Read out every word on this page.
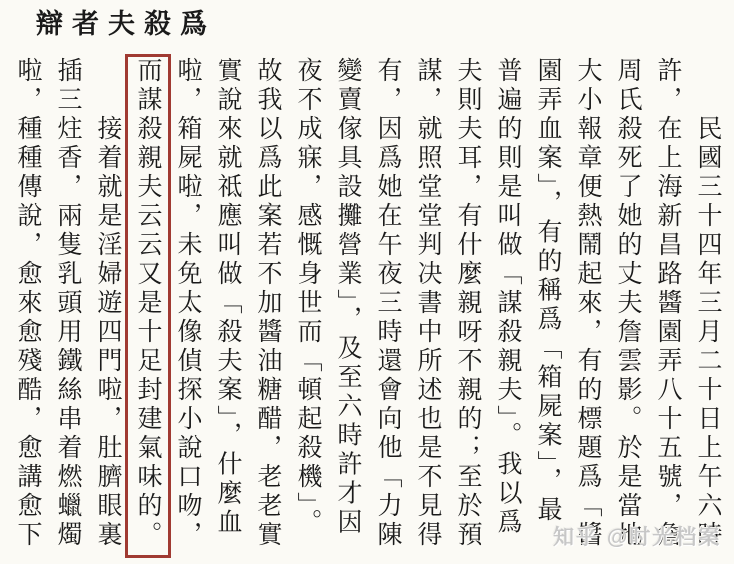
辯者夫殺爲
民國三十四年三月二十日上午六時
許，在上海新昌路醬園弄八十五號，詹
周氏殺死了她的丈夫詹雲影。於是當地
大小報章便熱鬧起來，有的標題爲「醬
園弄血案」，有的稱爲「箱屍案」，最
普遍的則是叫做「謀殺親夫」。我以爲
夫則夫耳，有什麼親呀不親的；至於預
謀，就照堂堂判决書中所述也是不見得
有，因爲她在午夜三時還會向他「力陳
變賣傢具設攤營業」，及至六時許才因
夜不成寐，感慨身世而「頓起殺機」。
故我以爲此案若不加醬油糖醋，老老實
實說來就祗應叫做「殺夫案」，什麼血
啦，箱屍啦，未免太像偵探小說口吻，
而謀殺親夫云云又是十足封建氣味的。
接着就是淫婦遊四門啦，肚臍眼裏
插三炷香，兩隻乳頭用鐵絲串着燃蠟燭
啦，種種傳說，愈來愈殘酷，愈講愈下	知乎 @时光档案
